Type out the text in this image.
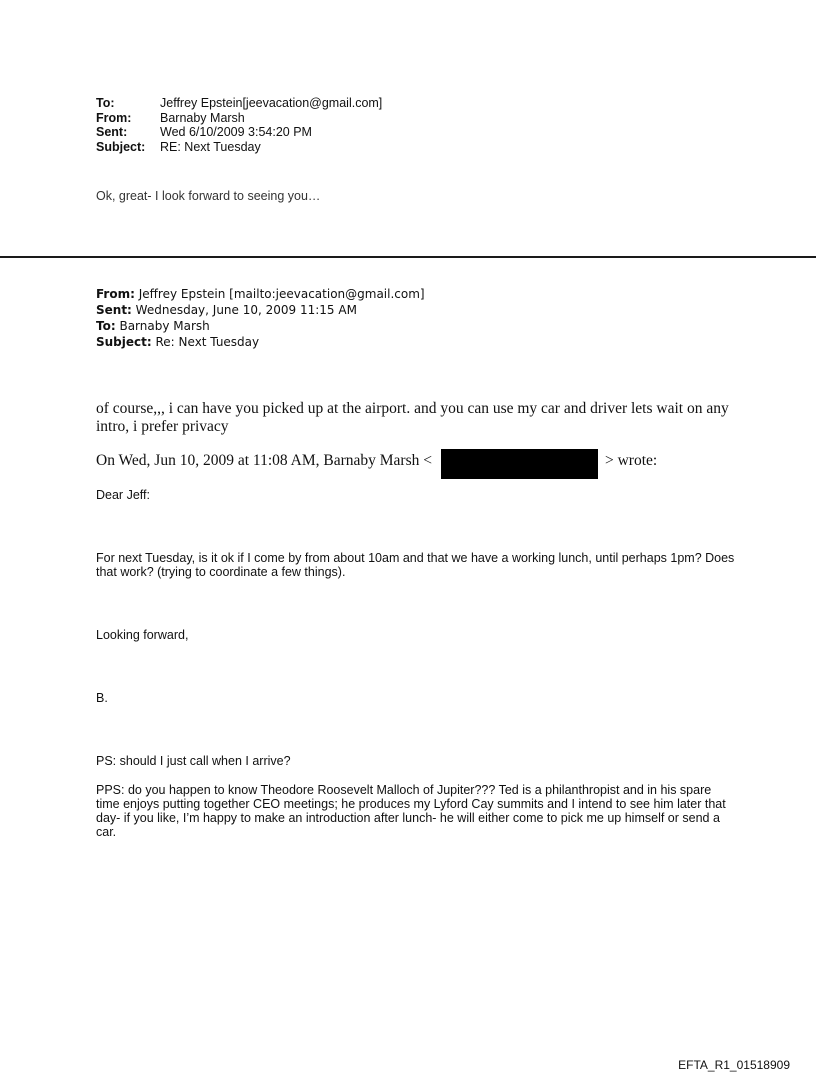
To:	Jeffrey Epstein[jeevacation@gmail.com]
From:	Barnaby Marsh
Sent:	Wed 6/10/2009 3:54:20 PM
Subject:	RE: Next Tuesday
Ok, great- I look forward to seeing you…
From: Jeffrey Epstein [mailto:jeevacation@gmail.com]
Sent: Wednesday, June 10, 2009 11:15 AM
To: Barnaby Marsh
Subject: Re: Next Tuesday
of course,,, i can have you picked up at the airport. and you can use my car and driver lets wait on any intro, i prefer privacy
On Wed, Jun 10, 2009 at 11:08 AM, Barnaby Marsh <	> wrote:
Dear Jeff:
For next Tuesday, is it ok if I come by from about 10am and that we have a working lunch, until perhaps 1pm? Does that work? (trying to coordinate a few things).
Looking forward,
B.
PS: should I just call when I arrive?
PPS: do you happen to know Theodore Roosevelt Malloch of Jupiter??? Ted is a philanthropist and in his spare time enjoys putting together CEO meetings; he produces my Lyford Cay summits and I intend to see him later that day- if you like, I’m happy to make an introduction after lunch- he will either come to pick me up himself or send a car.
EFTA_R1_01518909
